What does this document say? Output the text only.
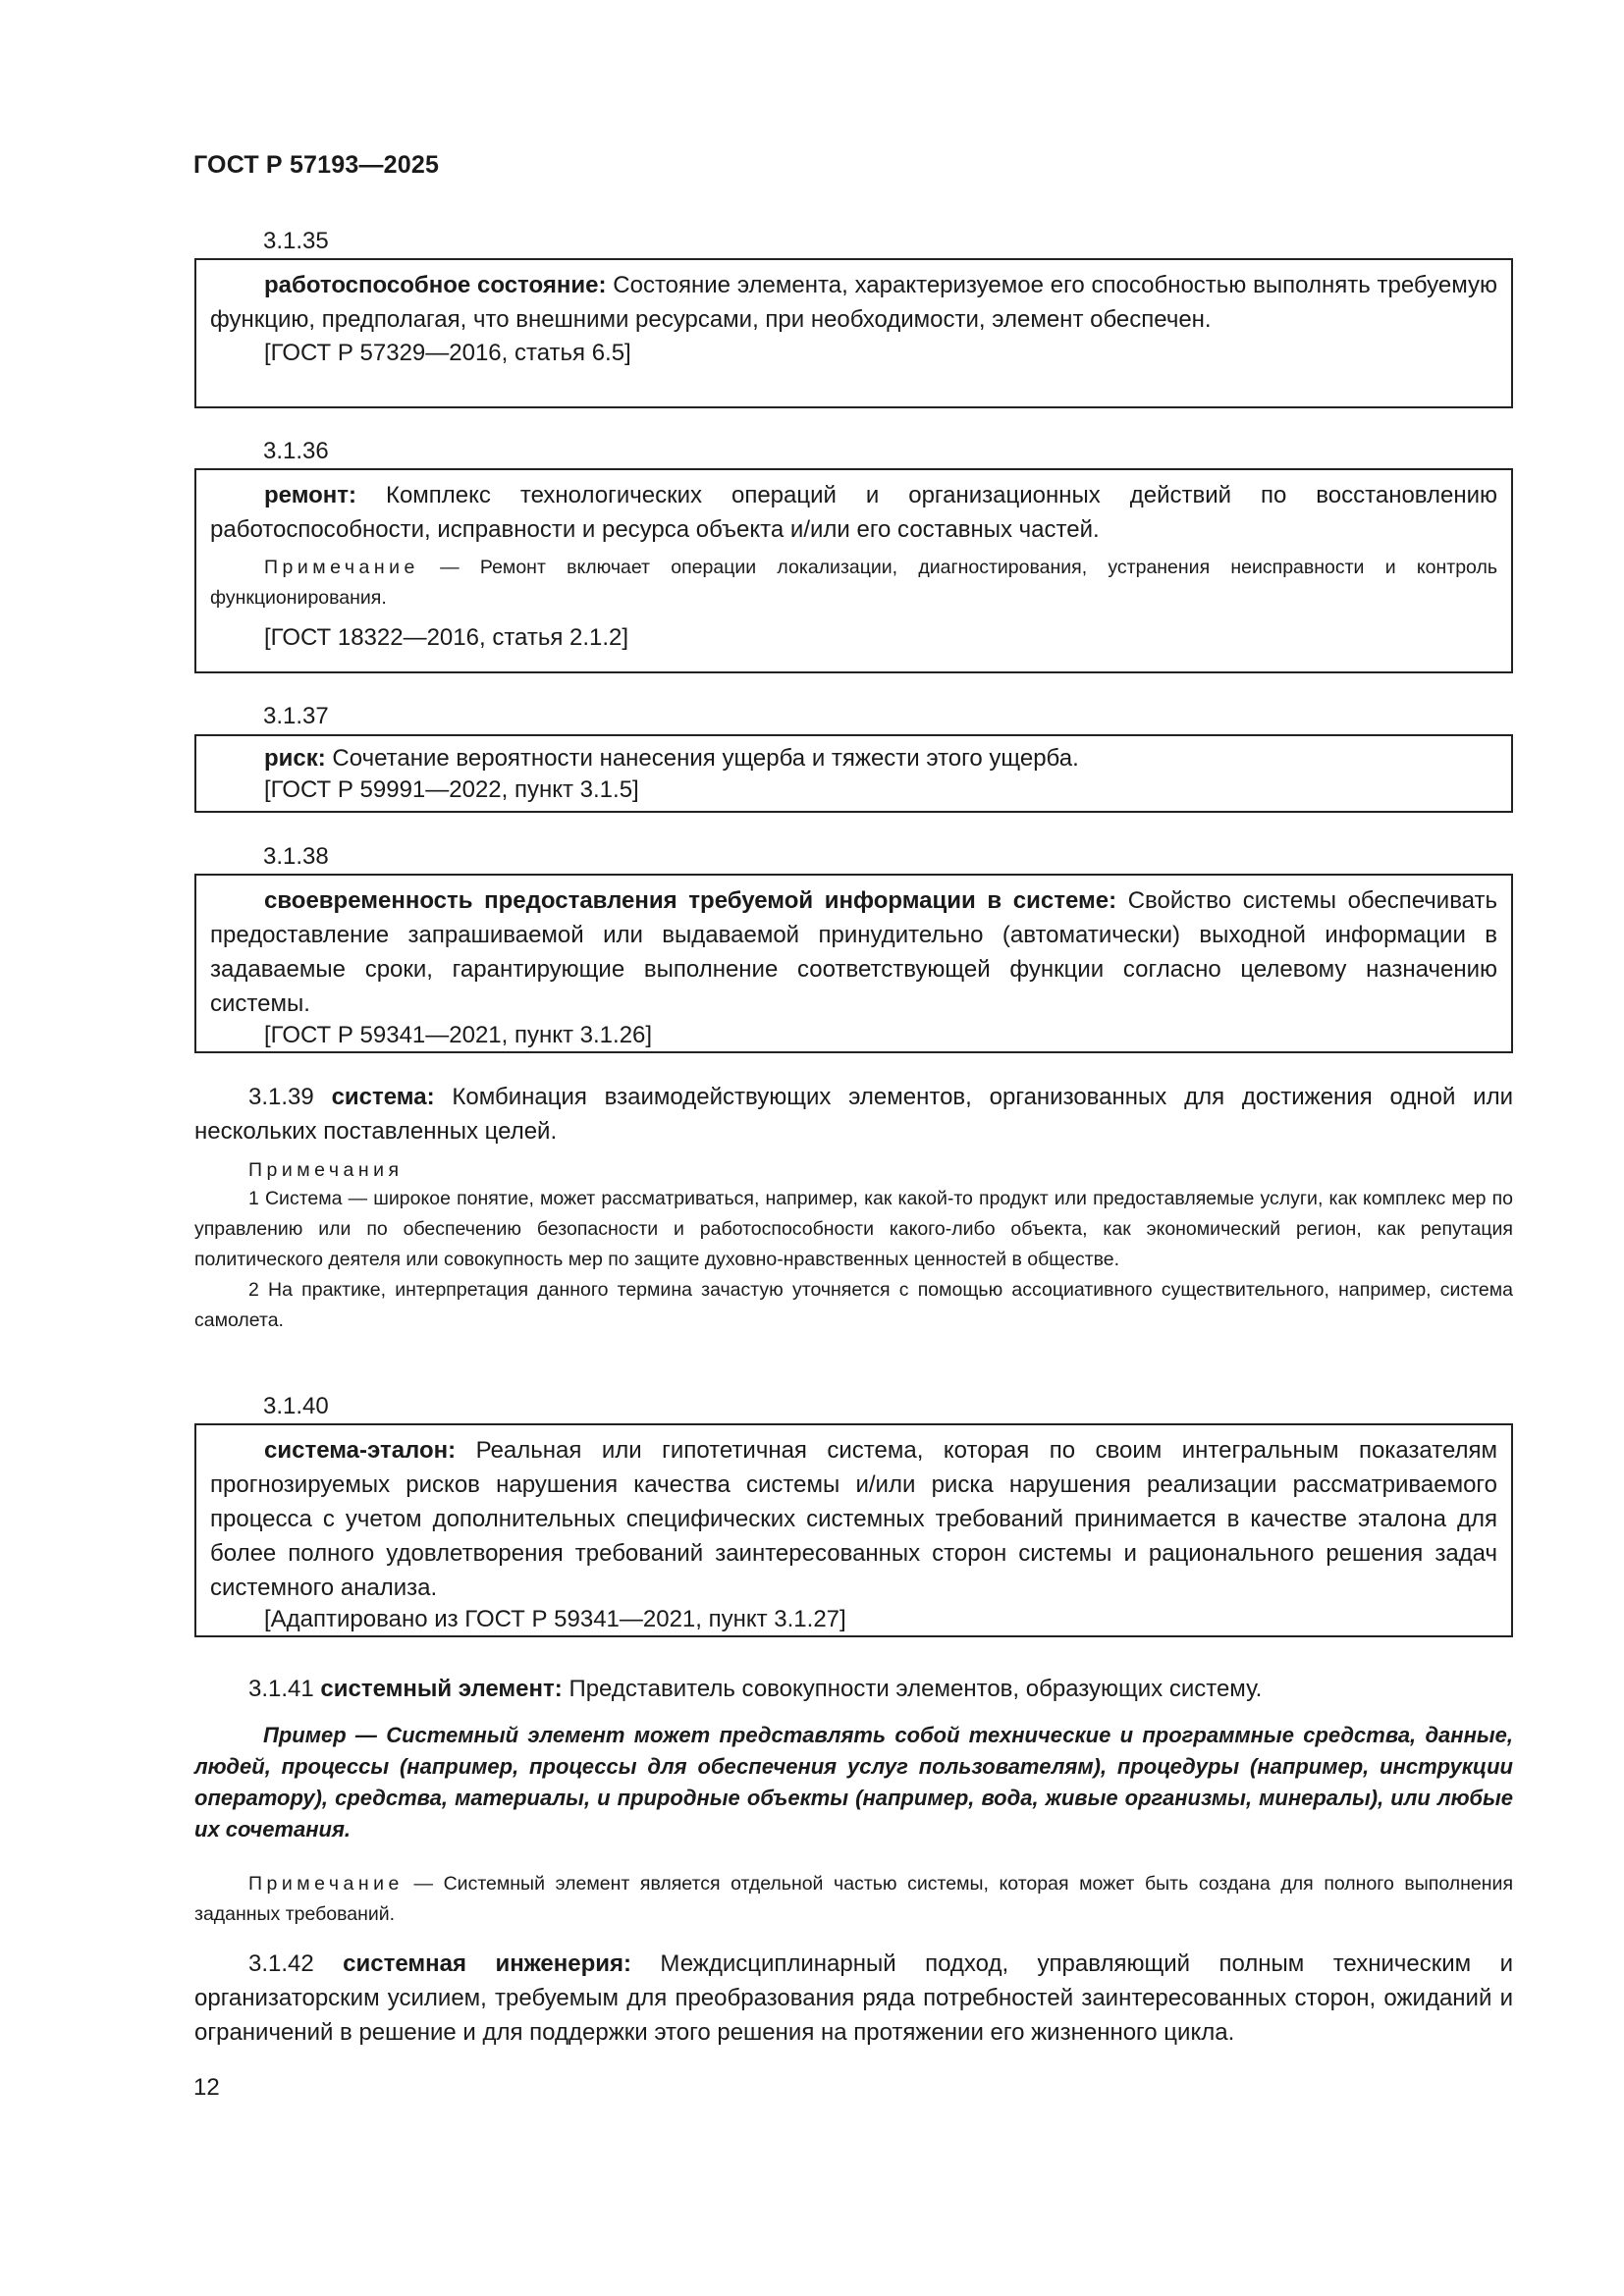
ГОСТ Р 57193—2025
3.1.35

работоспособное состояние: Состояние элемента, характеризуемое его способностью выполнять требуемую функцию, предполагая, что внешними ресурсами, при необходимости, элемент обеспечен.

[ГОСТ Р 57329—2016, статья 6.5]

3.1.36

ремонт: Комплекс технологических операций и организационных действий по восстановлению работоспособности, исправности и ресурса объекта и/или его составных частей.

Примечание — Ремонт включает операции локализации, диагностирования, устранения неисправности и контроль функционирования.

[ГОСТ 18322—2016, статья 2.1.2]

3.1.37

риск: Сочетание вероятности нанесения ущерба и тяжести этого ущерба.

[ГОСТ Р 59991—2022, пункт 3.1.5]

3.1.38

своевременность предоставления требуемой информации в системе: Свойство системы обеспечивать предоставление запрашиваемой или выдаваемой принудительно (автоматически) выходной информации в задаваемые сроки, гарантирующие выполнение соответствующей функции согласно целевому назначению системы.

[ГОСТ Р 59341—2021, пункт 3.1.26]

3.1.39 система: Комбинация взаимодействующих элементов, организованных для достижения одной или нескольких поставленных целей.

Примечания

1 Система — широкое понятие, может рассматриваться, например, как какой-то продукт или предоставляемые услуги, как комплекс мер по управлению или по обеспечению безопасности и работоспособности какого-либо объекта, как экономический регион, как репутация политического деятеля или совокупность мер по защите духовно-нравственных ценностей в обществе.

2 На практике, интерпретация данного термина зачастую уточняется с помощью ассоциативного существительного, например, система самолета.

3.1.40

система-эталон: Реальная или гипотетичная система, которая по своим интегральным показателям прогнозируемых рисков нарушения качества системы и/или риска нарушения реализации рассматриваемого процесса с учетом дополнительных специфических системных требований принимается в качестве эталона для более полного удовлетворения требований заинтересованных сторон системы и рационального решения задач системного анализа.

[Адаптировано из ГОСТ Р 59341—2021, пункт 3.1.27]

3.1.41 системный элемент: Представитель совокупности элементов, образующих систему.

Пример — Системный элемент может представлять собой технические и программные средства, данные, людей, процессы (например, процессы для обеспечения услуг пользователям), процедуры (например, инструкции оператору), средства, материалы, и природные объекты (например, вода, живые организмы, минералы), или любые их сочетания.

Примечание — Системный элемент является отдельной частью системы, которая может быть создана для полного выполнения заданных требований.

3.1.42 системная инженерия: Междисциплинарный подход, управляющий полным техническим и организаторским усилием, требуемым для преобразования ряда потребностей заинтересованных сторон, ожиданий и ограничений в решение и для поддержки этого решения на протяжении его жизненного цикла.

12
